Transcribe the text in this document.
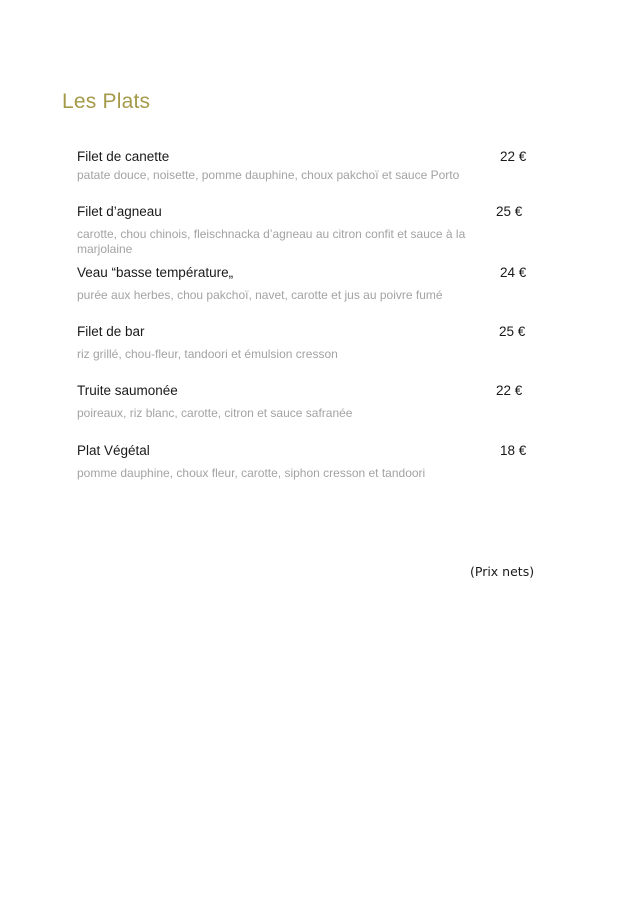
Les Plats
Filet de canette	22 €
patate douce, noisette, pomme dauphine, choux pakchoï et sauce Porto
Filet d’agneau	25 €
carotte, chou chinois, fleischnacka d’agneau au citron confit et sauce à la marjolaine
Veau “basse température„	24 €
purée aux herbes, chou pakchoï, navet, carotte et jus au poivre fumé
Filet de bar	25 €
riz grillé, chou-fleur, tandoori et émulsion cresson
Truite saumonée	22 €
poireaux, riz blanc, carotte, citron et sauce safranée
Plat Végétal	18 €
pomme dauphine, choux fleur, carotte, siphon cresson et tandoori
(Prix nets)
